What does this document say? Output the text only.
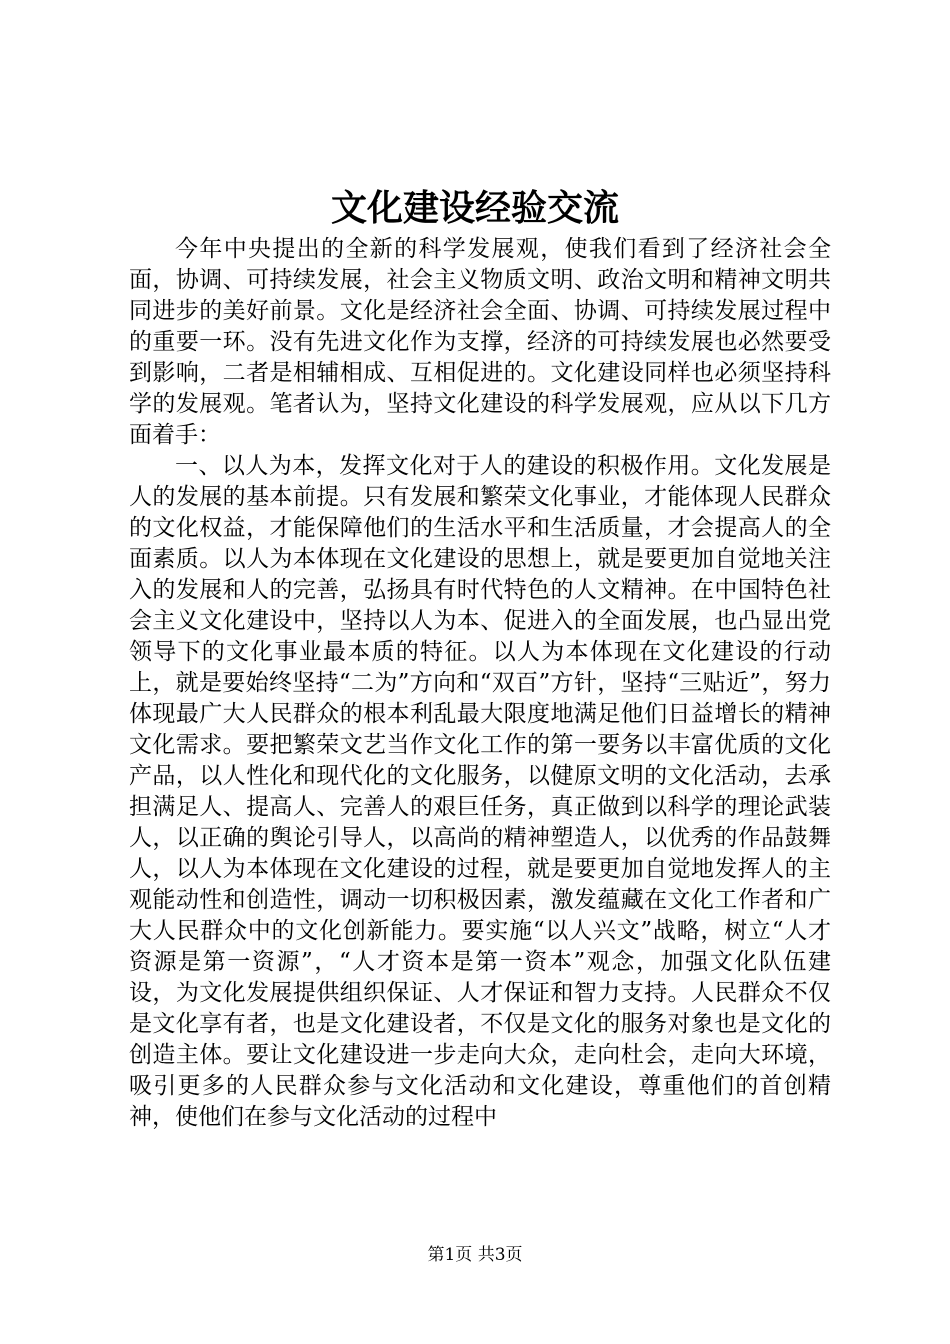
文化建设经验交流

今年中央提出的全新的科学发展观，使我们看到了经济社会全面，协调、可持续发展，社会主义物质文明、政治文明和精神文明共同进步的美好前景。文化是经济社会全面、协调、可持续发展过程中的重要一环。没有先进文化作为支撑，经济的可持续发展也必然要受到影响，二者是相辅相成、互相促进的。文化建设同样也必须坚持科学的发展观。笔者认为，坚持文化建设的科学发展观，应从以下几方面着手：

一、以人为本，发挥文化对于人的建设的积极作用。文化发展是人的发展的基本前提。只有发展和繁荣文化事业，才能体现人民群众的文化权益，才能保障他们的生活水平和生活质量，才会提高人的全面素质。以人为本体现在文化建设的思想上，就是要更加自觉地关注入的发展和人的完善，弘扬具有时代特色的人文精神。在中国特色社会主义文化建设中，坚持以人为本、促进入的全面发展，也凸显出党领导下的文化事业最本质的特征。以人为本体现在文化建设的行动上，就是要始终坚持“二为”方向和“双百”方针，坚持“三贴近”，努力体现最广大人民群众的根本利乱最大限度地满足他们日益增长的精神文化需求。要把繁荣文艺当作文化工作的第一要务以丰富优质的文化产品，以人性化和现代化的文化服务，以健原文明的文化活动，去承担满足人、提高人、完善人的艰巨任务，真正做到以科学的理论武装人，以正确的舆论引导人，以高尚的精神塑造人，以优秀的作品鼓舞人，以人为本体现在文化建设的过程，就是要更加自觉地发挥人的主观能动性和创造性，调动一切积极因素，激发蕴藏在文化工作者和广大人民群众中的文化创新能力。要实施“以人兴文”战略，树立“人才资源是第一资源”，“人才资本是第一资本”观念，加强文化队伍建设，为文化发展提供组织保证、人才保证和智力支持。人民群众不仅是文化享有者，也是文化建设者，不仅是文化的服务对象也是文化的创造主体。要让文化建设进一步走向大众，走向杜会，走向大环境，吸引更多的人民群众参与文化活动和文化建设，尊重他们的首创精神，使他们在参与文化活动的过程中

第1页 共3页
